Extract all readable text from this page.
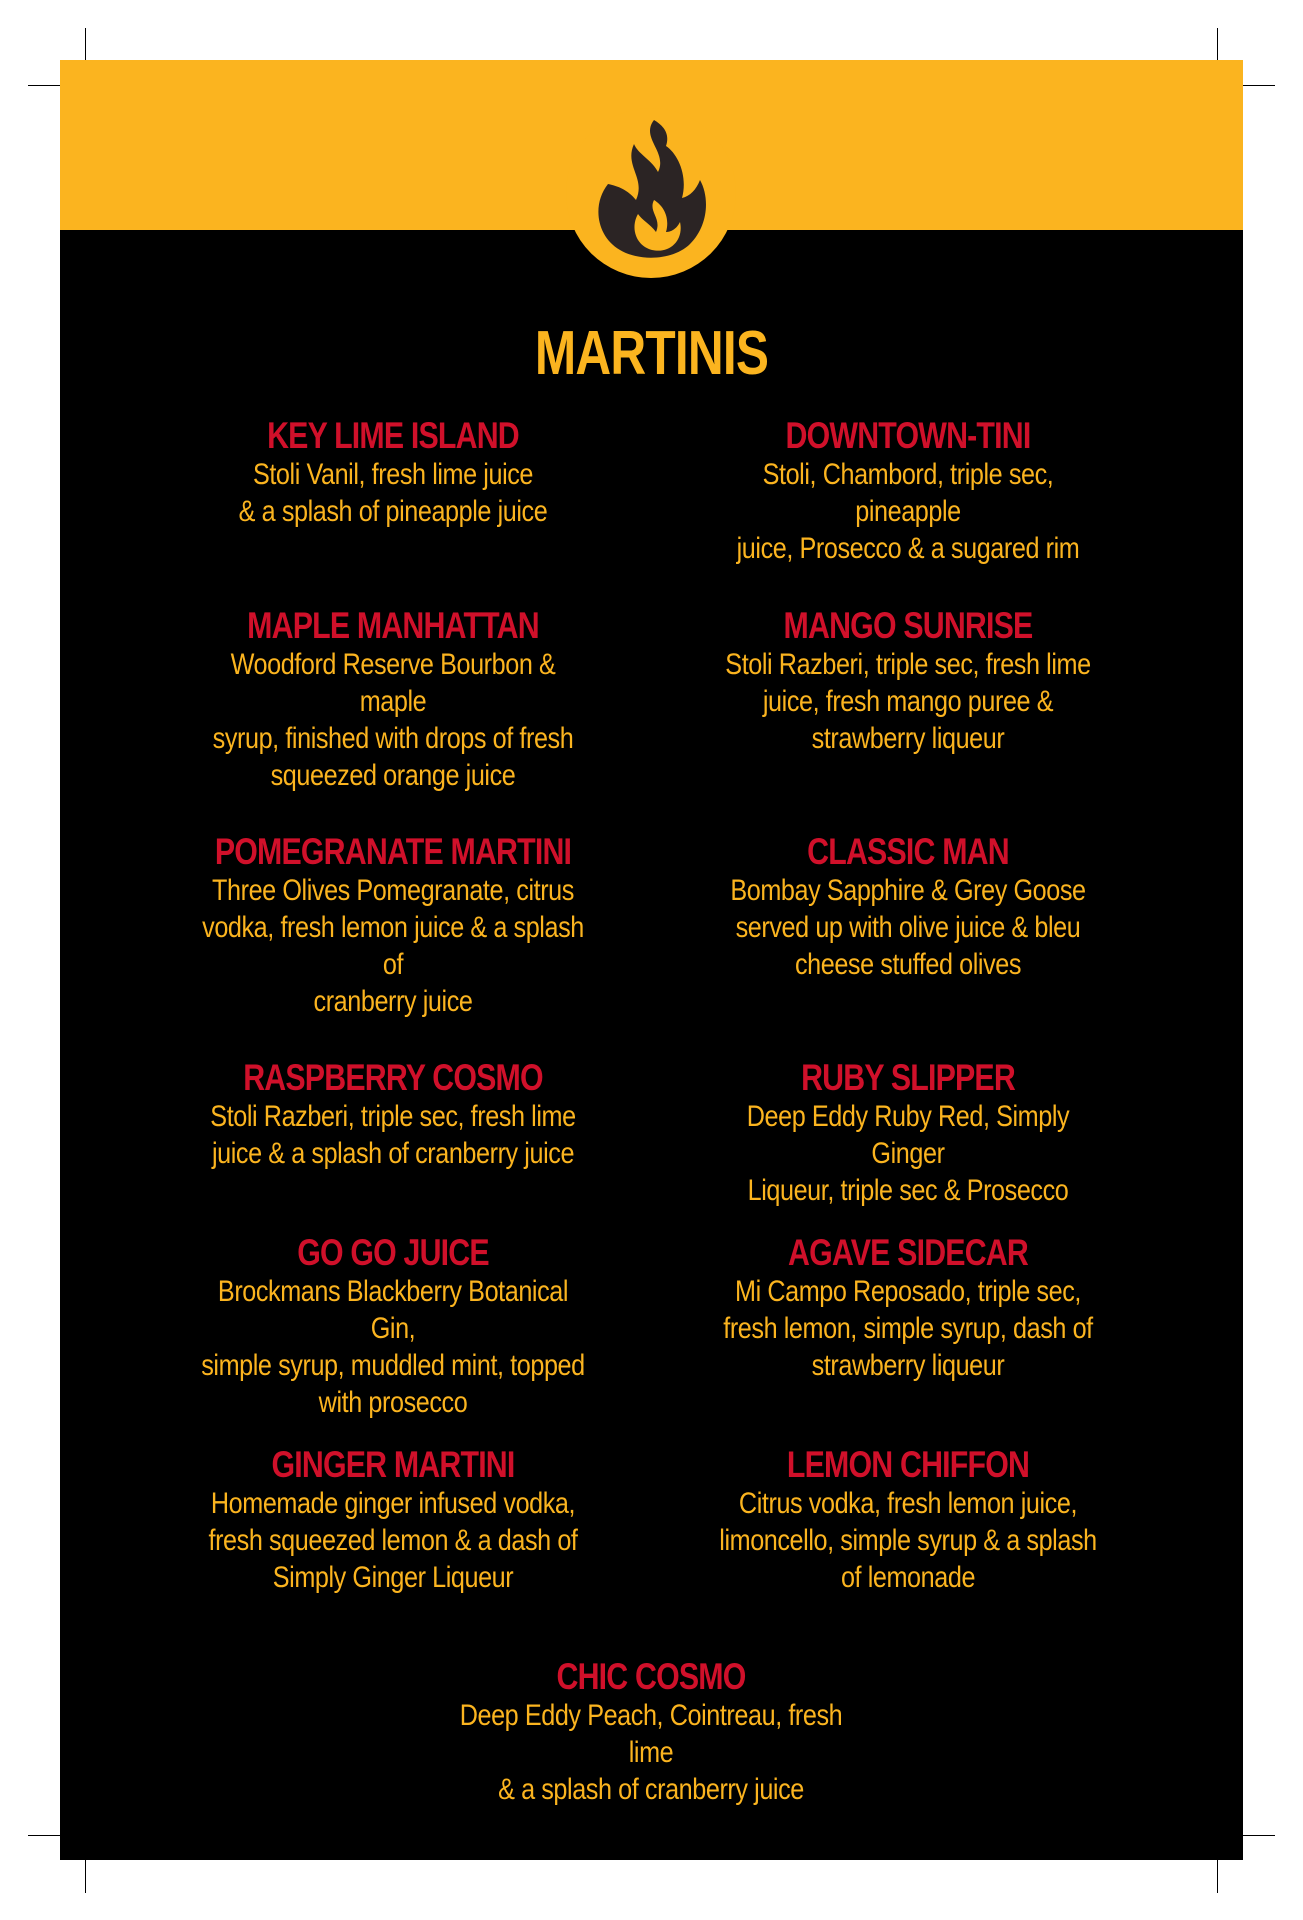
MARTINIS
KEY LIME ISLAND
Stoli Vanil, fresh lime juice
& a splash of pineapple juice
DOWNTOWN-TINI
Stoli, Chambord, triple sec, pineapple
juice, Prosecco & a sugared rim
MAPLE MANHATTAN
Woodford Reserve Bourbon & maple
syrup, finished with drops of fresh
squeezed orange juice
MANGO SUNRISE
Stoli Razberi, triple sec, fresh lime
juice, fresh mango puree &
strawberry liqueur
POMEGRANATE MARTINI
Three Olives Pomegranate, citrus
vodka, fresh lemon juice & a splash of
cranberry juice
CLASSIC MAN
Bombay Sapphire & Grey Goose
served up with olive juice & bleu
cheese stuffed olives
RASPBERRY COSMO
Stoli Razberi, triple sec, fresh lime
juice & a splash of cranberry juice
RUBY SLIPPER
Deep Eddy Ruby Red, Simply Ginger
Liqueur, triple sec & Prosecco
GO GO JUICE
Brockmans Blackberry Botanical Gin,
simple syrup, muddled mint, topped
with prosecco
AGAVE SIDECAR
Mi Campo Reposado, triple sec,
fresh lemon, simple syrup, dash of
strawberry liqueur
GINGER MARTINI
Homemade ginger infused vodka,
fresh squeezed lemon & a dash of
Simply Ginger Liqueur
LEMON CHIFFON
Citrus vodka, fresh lemon juice,
limoncello, simple syrup & a splash
of lemonade
CHIC COSMO
Deep Eddy Peach, Cointreau, fresh lime
& a splash of cranberry juice
